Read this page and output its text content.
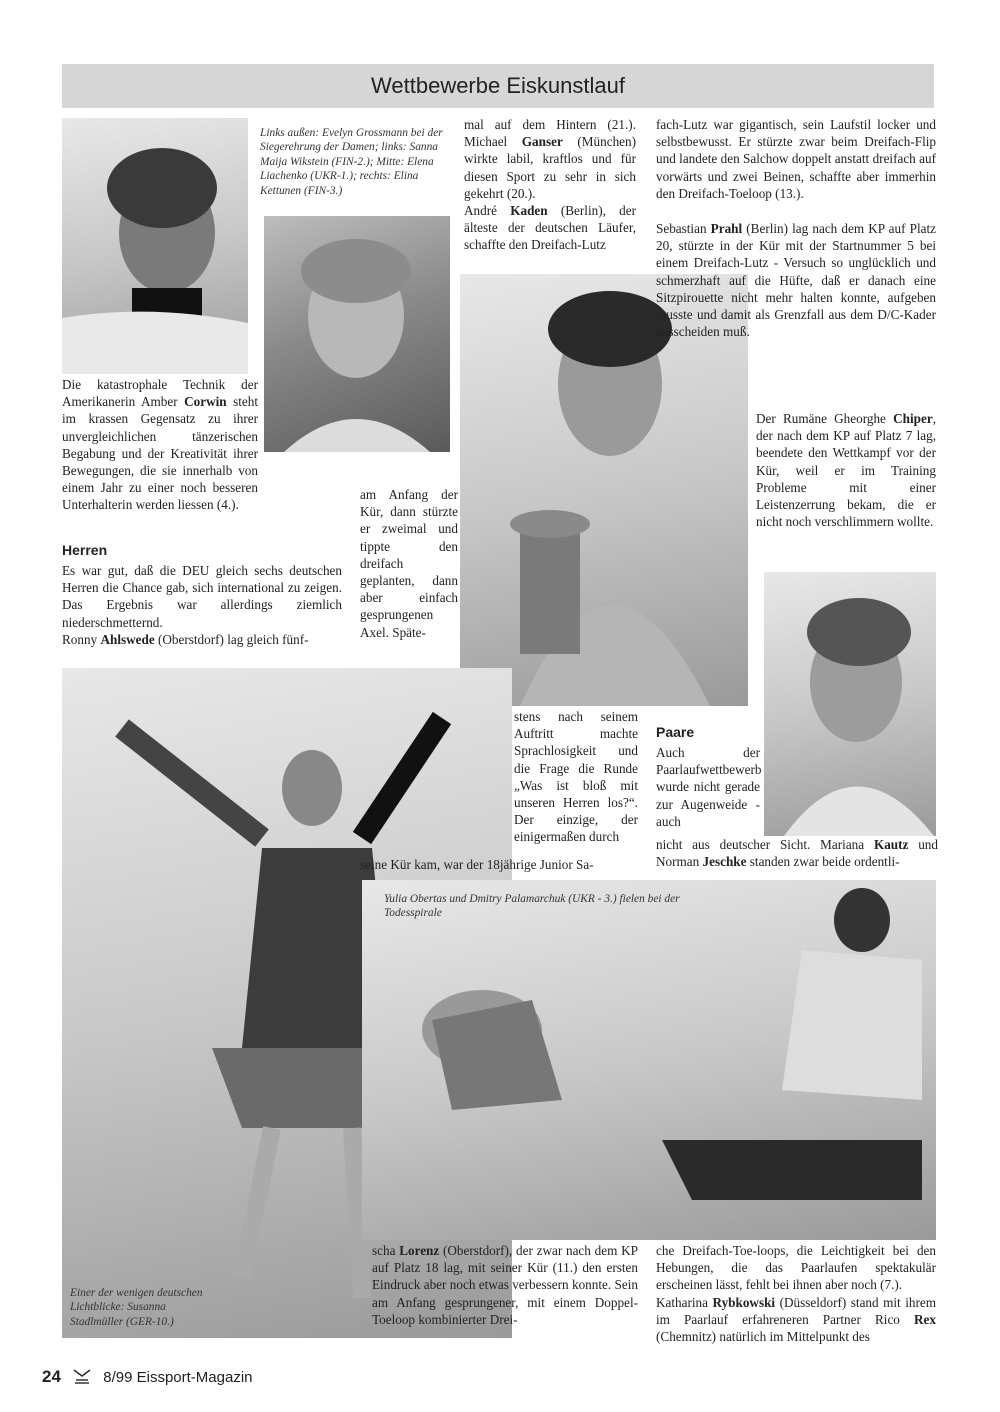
Wettbewerbe Eiskunstlauf
Links außen: Evelyn Grossmann bei der Siegerehrung der Damen; links: Sanna Maija Wikstein (FIN-2.); Mitte: Elena Liachenko (UKR-1.); rechts: Elina Kettunen (FIN-3.)
Die katastrophale Technik der Amerikanerin Amber Corwin steht im krassen Gegensatz zu ihrer unvergleichlichen tänzerischen Begabung und der Kreativität ihrer Bewegungen, die sie innerhalb von einem Jahr zu einer noch besseren Unterhalterin werden liessen (4.).
Herren

Es war gut, daß die DEU gleich sechs deutschen Herren die Chance gab, sich international zu zeigen. Das Ergebnis war allerdings ziemlich niederschmetternd.

Ronny Ahlswede (Oberstdorf) lag gleich fünf-

mal auf dem Hintern (21.). Michael Ganser (München) wirkte labil, kraftlos und für diesen Sport zu sehr in sich gekehrt (20.).

André Kaden (Berlin), der älteste der deutschen Läufer, schaffte den Dreifach-Lutz

am Anfang der Kür, dann stürzte er zweimal und tippte den dreifach geplanten, dann aber einfach gesprungenen Axel. Späte-
stens nach seinem Auftritt machte Sprachlosigkeit und die Frage die Runde „Was ist bloß mit unseren Herren los?“. Der einzige, der einigermaßen durch
seine Kür kam, war der 18jährige Junior Sa-
fach-Lutz war gigantisch, sein Laufstil locker und selbstbewusst. Er stürzte zwar beim Dreifach-Flip und landete den Salchow doppelt anstatt dreifach auf vorwärts und zwei Beinen, schaffte aber immerhin den Dreifach-Toeloop (13.).
Sebastian Prahl (Berlin) lag nach dem KP auf Platz 20, stürzte in der Kür mit der Startnummer 5 bei einem Dreifach-Lutz - Versuch so unglücklich und schmerzhaft auf die Hüfte, daß er danach eine Sitzpirouette nicht mehr halten konnte, aufgeben musste und damit als Grenzfall aus dem D/C-Kader ausscheiden muß.
Der Rumäne Gheorghe Chiper, der nach dem KP auf Platz 7 lag, beendete den Wettkampf vor der Kür, weil er im Training Probleme mit einer Leistenzerrung bekam, die er nicht noch verschlimmern wollte.
Paare
Auch der Paarlaufwettbewerb wurde nicht gerade zur Augenweide - auch
nicht aus deutscher Sicht. Mariana Kautz und Norman Jeschke standen zwar beide ordentli-
Yulia Obertas und Dmitry Palamarchuk (UKR - 3.) fielen bei der Todesspirale
scha Lorenz (Oberstdorf), der zwar nach dem KP auf Platz 18 lag, mit seiner Kür (11.) den ersten Eindruck aber noch etwas verbessern konnte. Sein am Anfang gesprungener, mit einem Doppel-Toeloop kombinierter Drei-

che Dreifach-Toe-loops, die Leichtigkeit bei den Hebungen, die das Paarlaufen spektakulär erscheinen lässt, fehlt bei ihnen aber noch (7.).

Katharina Rybkowski (Düsseldorf) stand mit ihrem im Paarlauf erfahreneren Partner Rico Rex (Chemnitz) natürlich im Mittelpunkt des

Einer der wenigen deutschen Lichtblicke: Susanna Stadlmüller (GER-10.)
24	8/99 Eissport-Magazin
